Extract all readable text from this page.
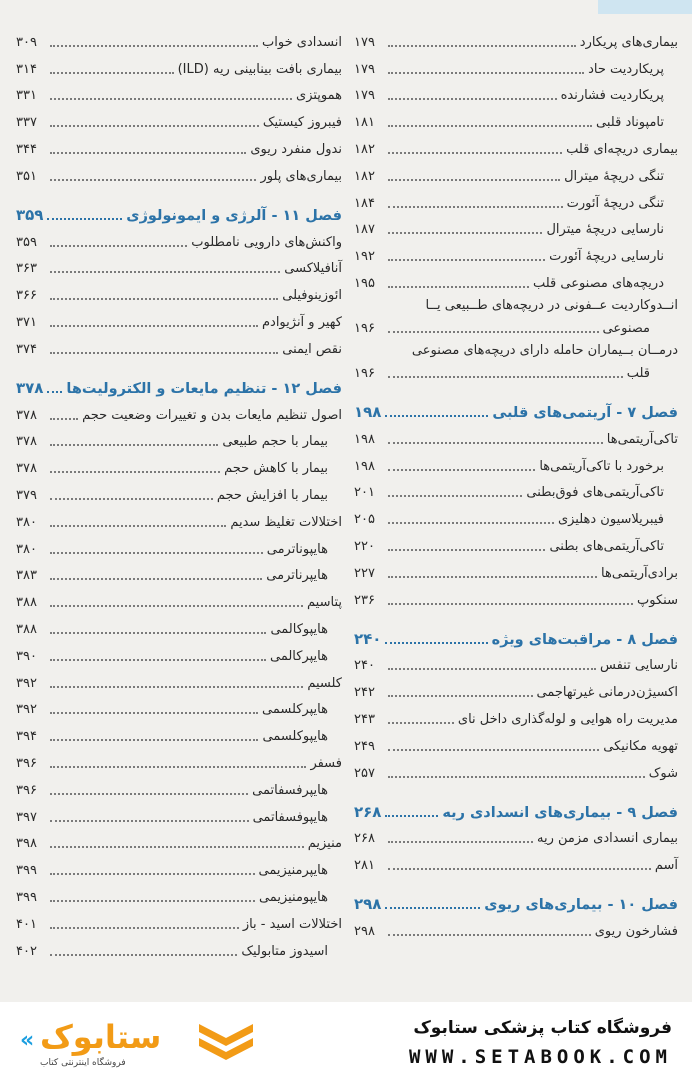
بیماری‌های پریکارد
۱۷۹
پریکاردیت حاد
۱۷۹
پریکاردیت فشارنده
۱۷۹
تامپوناد قلبی
۱۸۱
بیماری دریچه‌ای قلب
۱۸۲
تنگی دریچهٔ میترال
۱۸۲
تنگی دریچهٔ آئورت
۱۸۴
نارسایی دریچهٔ میترال
۱۸۷
نارسایی دریچهٔ آئورت
۱۹۲
دریچه‌های مصنوعی قلب
۱۹۵
انــدوکاردیت عــفونی در دریچه‌های طــبیعی یــا
مصنوعی
۱۹۶
درمــان بــیماران حامله دارای دریچه‌های مصنوعی
قلب
۱۹۶
فصل ۷ - آریتمی‌های قلبی
۱۹۸
تاکی‌آریتمی‌ها
۱۹۸
برخورد با تاکی‌آریتمی‌ها
۱۹۸
تاکی‌آریتمی‌های فوق‌بطنی
۲۰۱
فیبریلاسیون دهلیزی
۲۰۵
تاکی‌آریتمی‌های بطنی
۲۲۰
برادی‌آریتمی‌ها
۲۲۷
سنکوپ
۲۳۶
فصل ۸ - مراقبت‌های ویژه
۲۴۰
نارسایی تنفس
۲۴۰
اکسیژن‌درمانی غیرتهاجمی
۲۴۲
مدیریت راه هوایی و لوله‌گذاری داخل نای
۲۴۳
تهویه مکانیکی
۲۴۹
شوک
۲۵۷
فصل ۹ - بیماری‌های انسدادی ریه
۲۶۸
بیماری انسدادی مزمن ریه
۲۶۸
آسم
۲۸۱
فصل ۱۰ - بیماری‌های ریوی
۲۹۸
فشارخون ریوی
۲۹۸
انسدادی خواب
۳۰۹
بیماری بافت بینابینی ریه (ILD)
۳۱۴
هموپتزی
۳۳۱
فیبروز کیستیک
۳۳۷
ندول منفرد ریوی
۳۴۴
بیماری‌های پلور
۳۵۱
فصل ۱۱ - آلرژی و ایمونولوژی
۳۵۹
واکنش‌های دارویی نامطلوب
۳۵۹
آنافیلاکسی
۳۶۳
ائوزینوفیلی
۳۶۶
کهیر و آنژیوادم
۳۷۱
نقص ایمنی
۳۷۴
فصل ۱۲ - تنظیم مایعات و الکترولیت‌ها
۳۷۸
اصول تنظیم مایعات بدن و تغییرات وضعیت حجم
۳۷۸
بیمار با حجم طبیعی
۳۷۸
بیمار با کاهش حجم
۳۷۸
بیمار با افزایش حجم
۳۷۹
اختلالات تغلیظ سدیم
۳۸۰
هایپوناترمی
۳۸۰
هایپرناترمی
۳۸۳
پتاسیم
۳۸۸
هایپوکالمی
۳۸۸
هایپرکالمی
۳۹۰
کلسیم
۳۹۲
هایپرکلسمی
۳۹۲
هایپوکلسمی
۳۹۴
فسفر
۳۹۶
هایپرفسفاتمی
۳۹۶
هایپوفسفاتمی
۳۹۷
منیزیم
۳۹۸
هایپرمنیزیمی
۳۹۹
هایپومنیزیمی
۳۹۹
اختلالات اسید - باز
۴۰۱
اسیدوز متابولیک
۴۰۲
« ستابوک
فروشگاه اینترنتی کتاب
فروشگاه کتاب پزشکی ستابوک
WWW.SETABOOK.COM
